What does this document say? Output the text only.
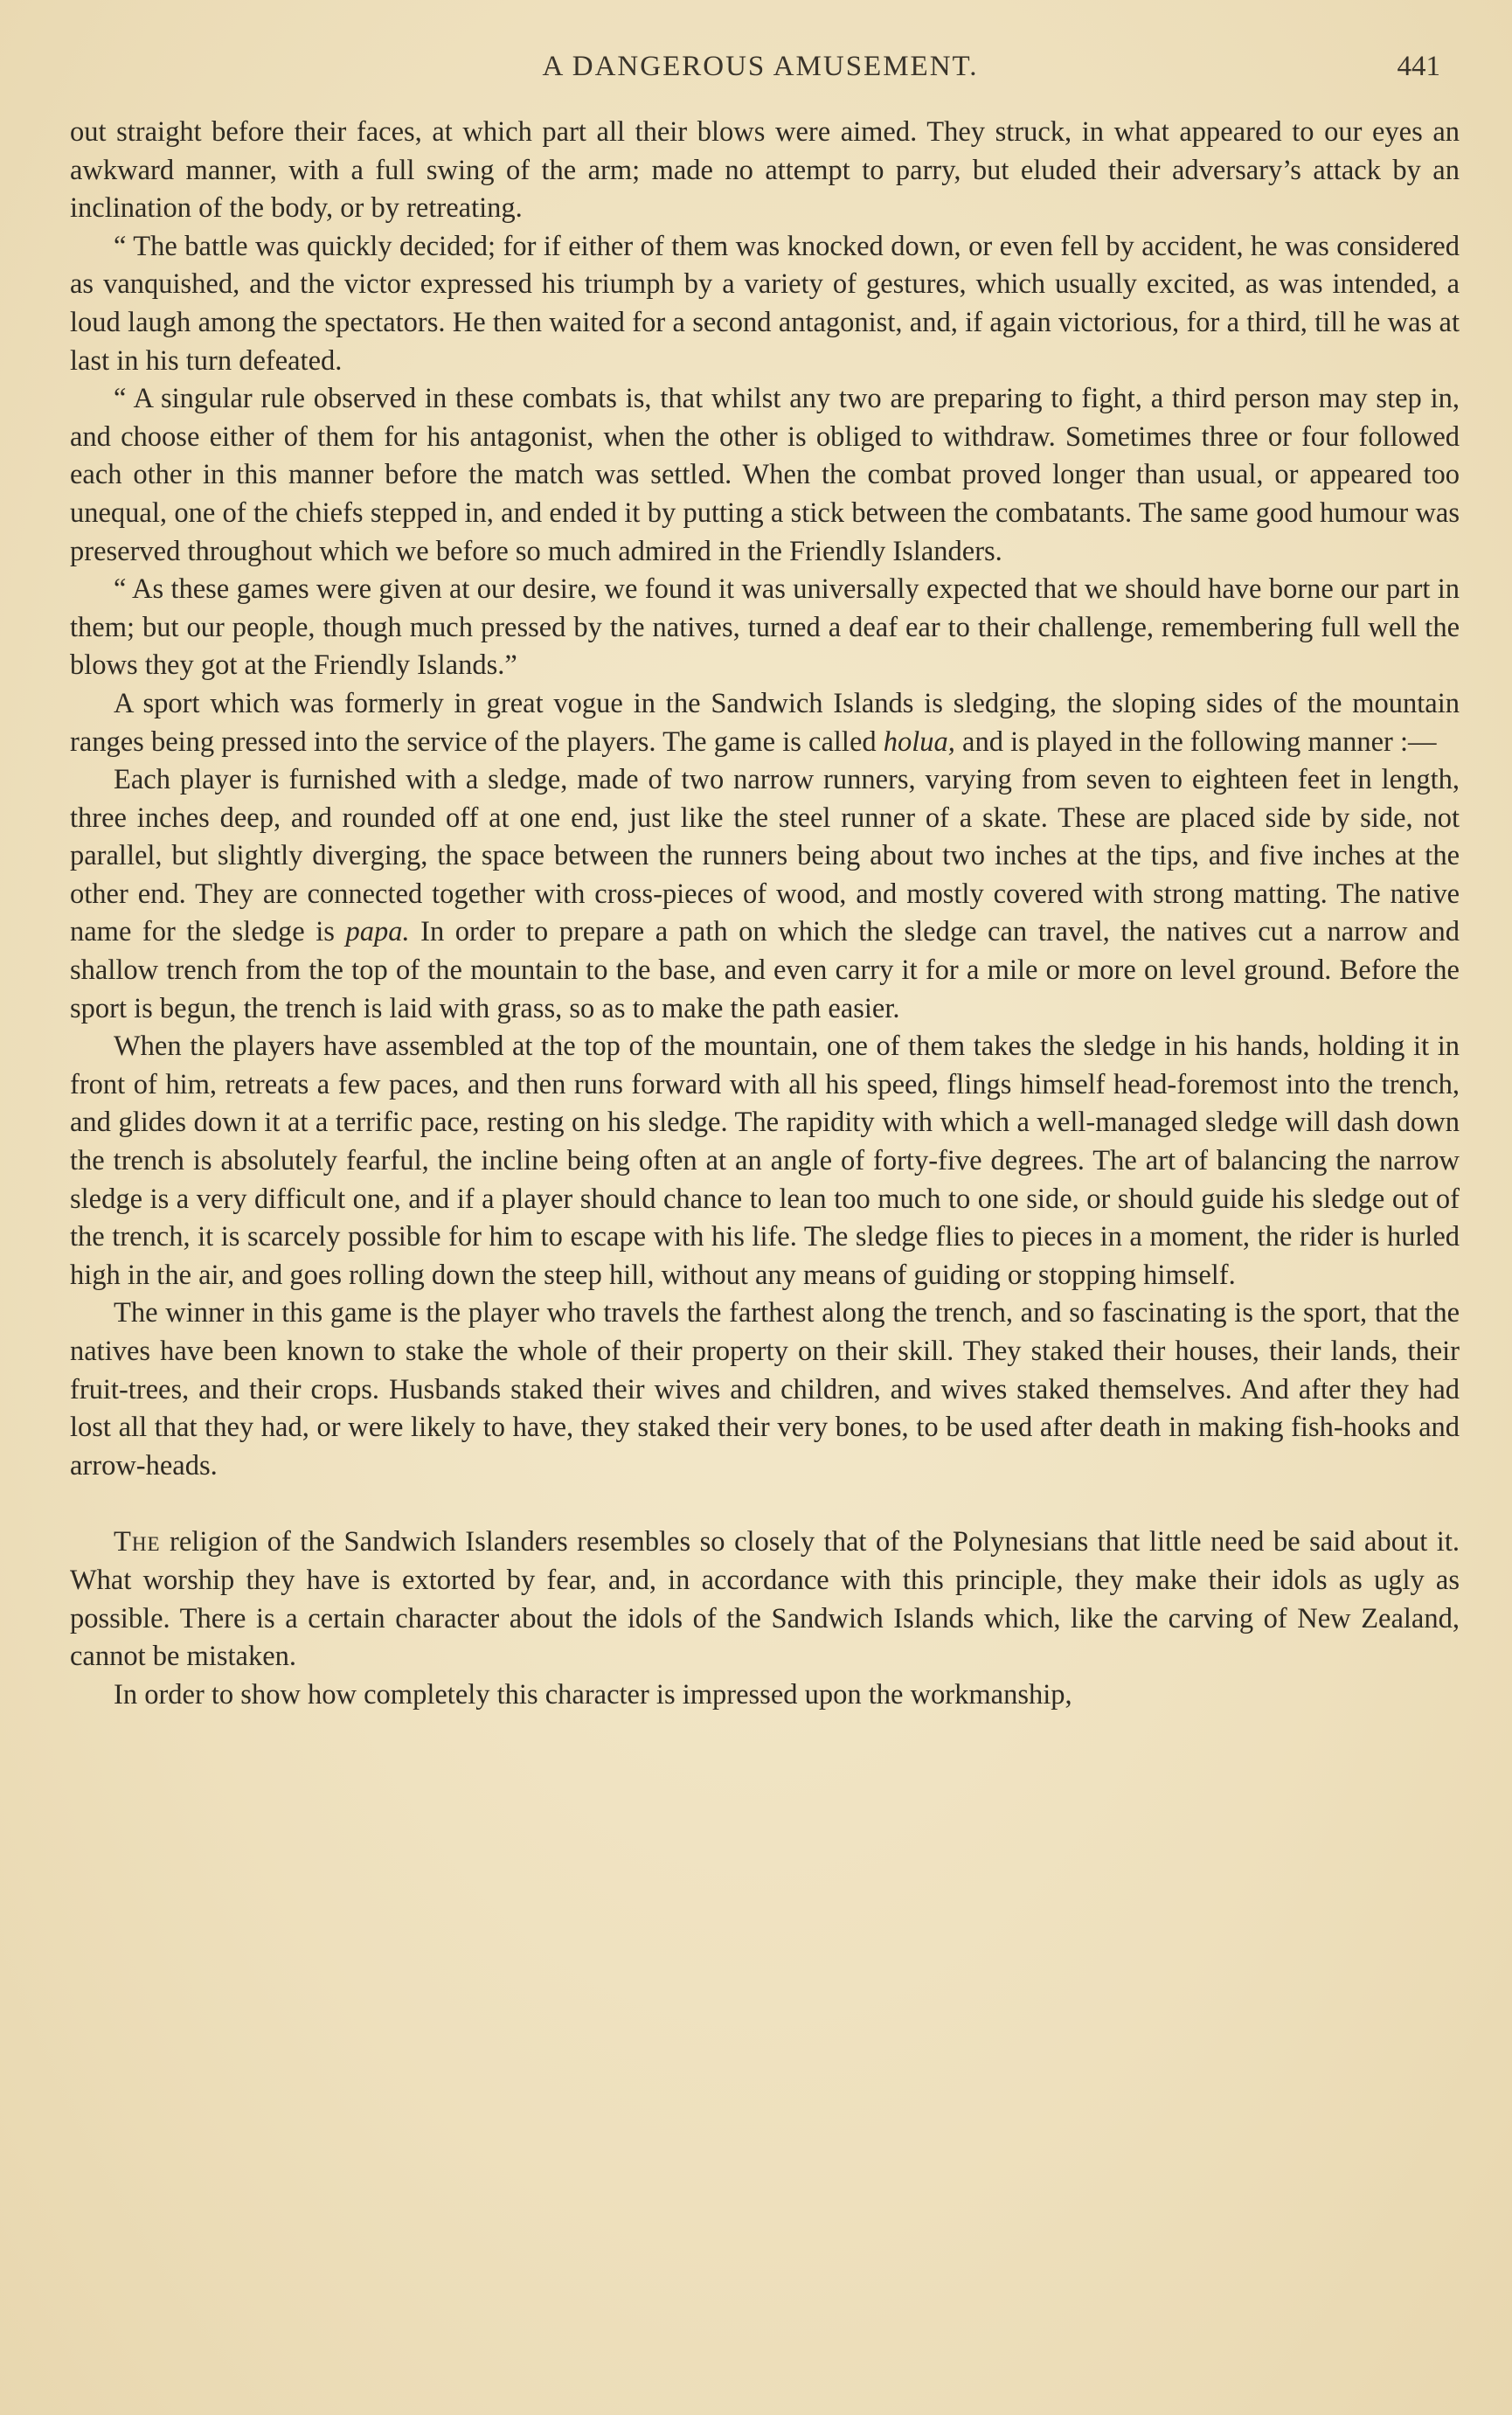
A DANGEROUS AMUSEMENT.	441

out straight before their faces, at which part all their blows were aimed. They struck, in what appeared to our eyes an awkward manner, with a full swing of the arm; made no attempt to parry, but eluded their adversary’s attack by an inclination of the body, or by retreating.

“ The battle was quickly decided; for if either of them was knocked down, or even fell by accident, he was considered as vanquished, and the victor expressed his triumph by a variety of gestures, which usually excited, as was intended, a loud laugh among the spectators. He then waited for a second antagonist, and, if again victorious, for a third, till he was at last in his turn defeated.

“ A singular rule observed in these combats is, that whilst any two are preparing to fight, a third person may step in, and choose either of them for his antagonist, when the other is obliged to withdraw. Sometimes three or four followed each other in this manner before the match was settled. When the combat proved longer than usual, or appeared too unequal, one of the chiefs stepped in, and ended it by putting a stick between the combatants. The same good humour was preserved throughout which we before so much admired in the Friendly Islanders.

“ As these games were given at our desire, we found it was universally expected that we should have borne our part in them; but our people, though much pressed by the natives, turned a deaf ear to their challenge, remembering full well the blows they got at the Friendly Islands.”

A sport which was formerly in great vogue in the Sandwich Islands is sledging, the sloping sides of the mountain ranges being pressed into the service of the players. The game is called holua, and is played in the following manner :—

Each player is furnished with a sledge, made of two narrow runners, varying from seven to eighteen feet in length, three inches deep, and rounded off at one end, just like the steel runner of a skate. These are placed side by side, not parallel, but slightly diverging, the space between the runners being about two inches at the tips, and five inches at the other end. They are connected together with cross-pieces of wood, and mostly covered with strong matting. The native name for the sledge is papa. In order to prepare a path on which the sledge can travel, the natives cut a narrow and shallow trench from the top of the mountain to the base, and even carry it for a mile or more on level ground. Before the sport is begun, the trench is laid with grass, so as to make the path easier.

When the players have assembled at the top of the mountain, one of them takes the sledge in his hands, holding it in front of him, retreats a few paces, and then runs forward with all his speed, flings himself head-foremost into the trench, and glides down it at a terrific pace, resting on his sledge. The rapidity with which a well-managed sledge will dash down the trench is absolutely fearful, the incline being often at an angle of forty-five degrees. The art of balancing the narrow sledge is a very difficult one, and if a player should chance to lean too much to one side, or should guide his sledge out of the trench, it is scarcely possible for him to escape with his life. The sledge flies to pieces in a moment, the rider is hurled high in the air, and goes rolling down the steep hill, without any means of guiding or stopping himself.

The winner in this game is the player who travels the farthest along the trench, and so fascinating is the sport, that the natives have been known to stake the whole of their property on their skill. They staked their houses, their lands, their fruit-trees, and their crops. Husbands staked their wives and children, and wives staked themselves. And after they had lost all that they had, or were likely to have, they staked their very bones, to be used after death in making fish-hooks and arrow-heads.

The religion of the Sandwich Islanders resembles so closely that of the Polynesians that little need be said about it. What worship they have is extorted by fear, and, in accordance with this principle, they make their idols as ugly as possible. There is a certain character about the idols of the Sandwich Islands which, like the carving of New Zealand, cannot be mistaken.

In order to show how completely this character is impressed upon the workmanship,
